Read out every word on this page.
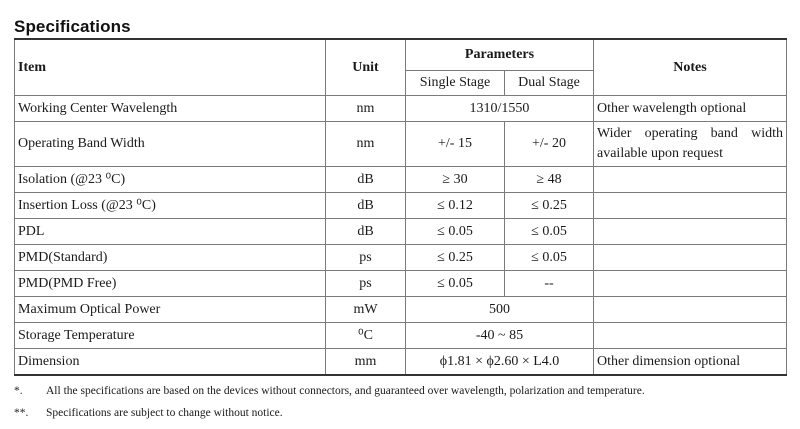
Specifications
Item	Unit	Parameters		Notes
		Single Stage	Dual Stage	
Working Center Wavelength	nm	1310/1550		Other wavelength optional
Operating Band Width	nm	+/- 15	+/- 20	Wider operating band width available upon request
Isolation (@23 ⁰C)	dB	≥ 30	≥ 48	
Insertion Loss (@23 ⁰C)	dB	≤ 0.12	≤ 0.25	
PDL	dB	≤ 0.05	≤ 0.05	
PMD(Standard)	ps	≤ 0.25	≤ 0.05	
PMD(PMD Free)	ps	≤ 0.05	--	
Maximum Optical Power	mW	500		
Storage Temperature	⁰C	-40 ~ 85		
Dimension	mm	ϕ1.81 × ϕ2.60 × L4.0		Other dimension optional
*.	All the specifications are based on the devices without connectors, and guaranteed over wavelength, polarization and temperature.
**.	Specifications are subject to change without notice.
